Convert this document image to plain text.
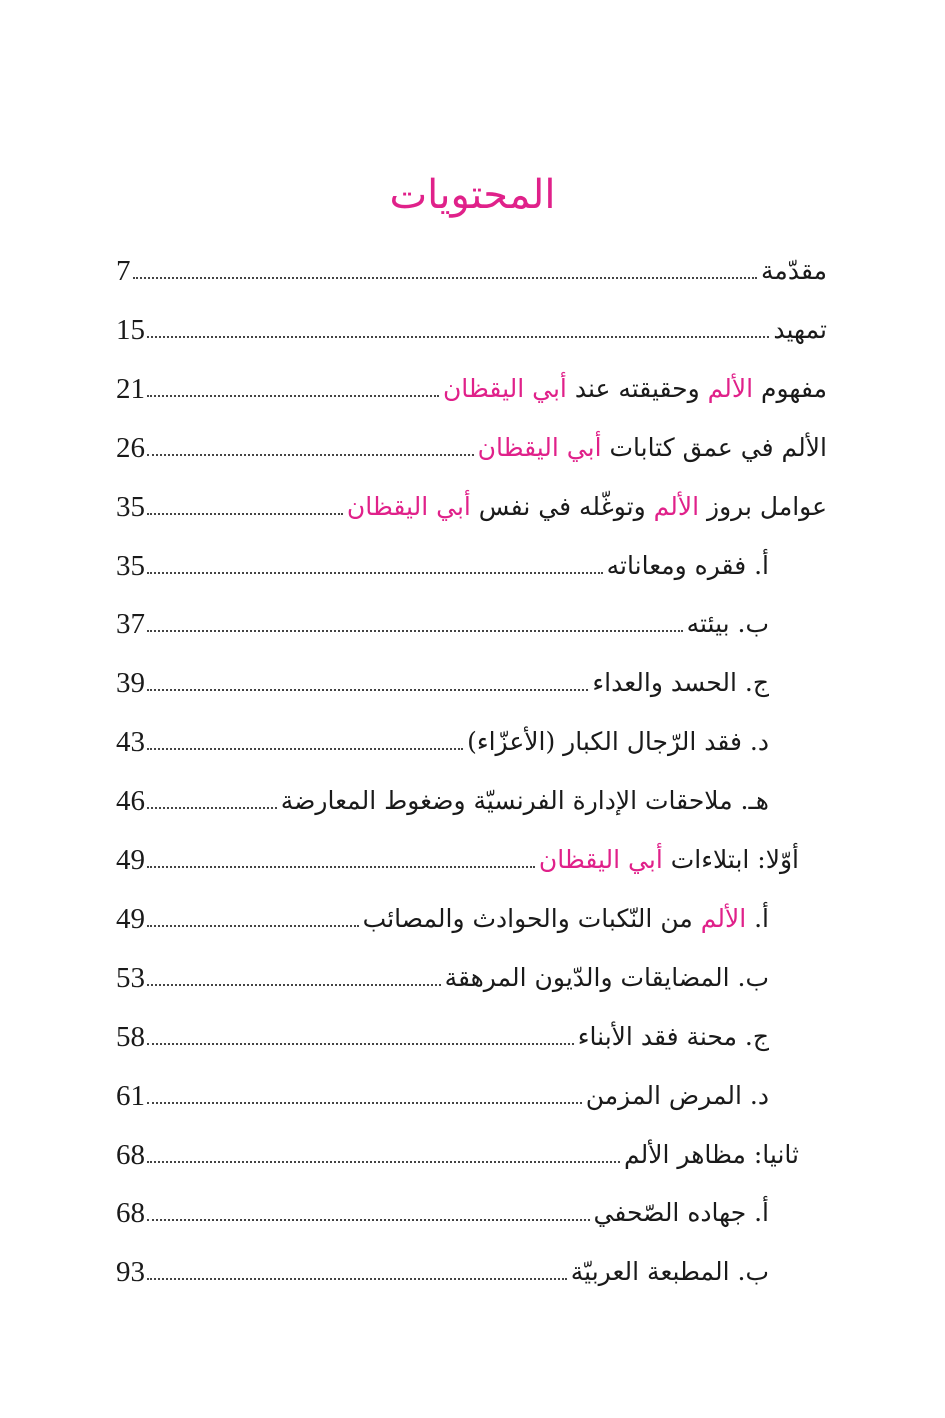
المحتويات
مقدّمة
7
تمهيد
15
مفهوم الألم وحقيقته عند أبي اليقظان
21
الألم في عمق كتابات أبي اليقظان
26
عوامل بروز الألم وتوغّله في نفس أبي اليقظان
35
أ. فقره ومعاناته
35
ب. بيئته
37
ج. الحسد والعداء
39
د. فقد الرّجال الكبار (الأعزّاء)
43
هـ. ملاحقات الإدارة الفرنسيّة وضغوط المعارضة
46
أوّلا: ابتلاءات أبي اليقظان
49
أ. الألم من النّكبات والحوادث والمصائب
49
ب. المضايقات والدّيون المرهقة
53
ج. محنة فقد الأبناء
58
د. المرض المزمن
61
ثانيا: مظاهر الألم
68
أ. جهاده الصّحفي
68
ب. المطبعة العربيّة
93
